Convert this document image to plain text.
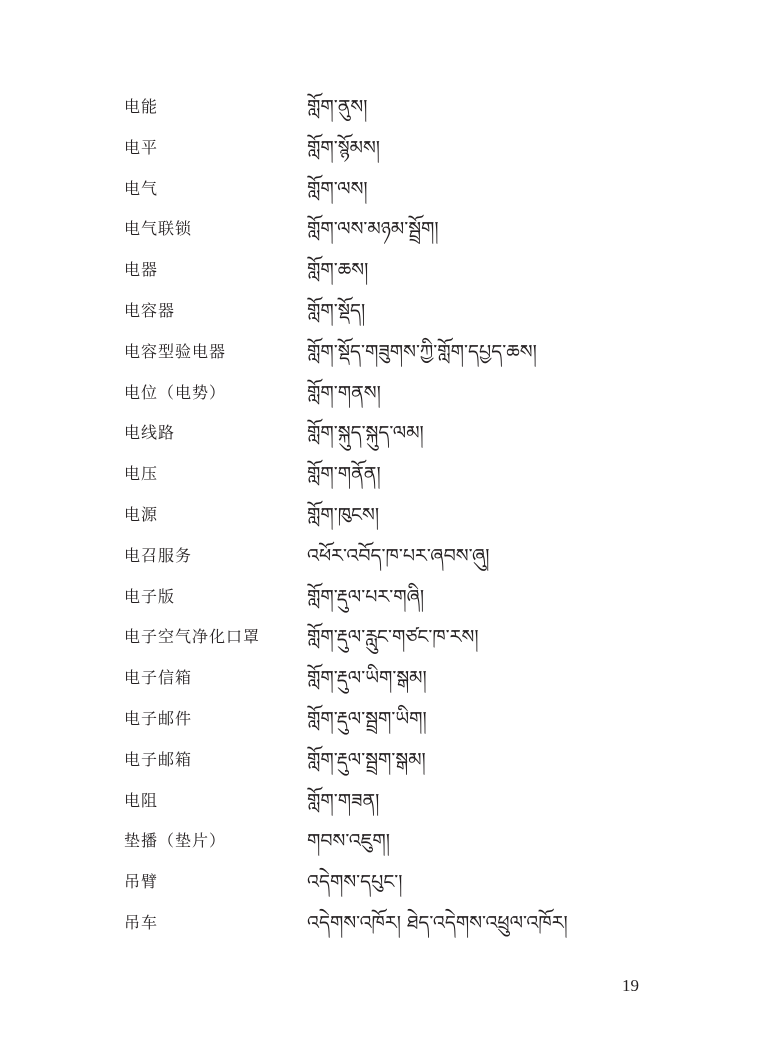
电能	གློག་ནུས།
电平	གློག་སྙོམས།
电气	གློག་ལས།
电气联锁	གློག་ལས་མཉམ་སྦྲོག།
电器	གློག་ཆས།
电容器	གློག་སྡོད།
电容型验电器	གློག་སྡོད་གཟུགས་ཀྱི་གློག་དཔྱད་ཆས།
电位（电势）	གློག་གནས།
电线路	གློག་སྐུད་སྐུད་ལམ།
电压	གློག་གནོན།
电源	གློག་ཁུངས།
电召服务	འཕོར་འབོད་ཁ་པར་ཞབས་ཞུ།
电子版	གློག་རྡུལ་པར་གཞི།
电子空气净化口罩 གློག་རྡུལ་རླུང་གཙང་ཁ་རས།
电子信箱	གློག་རྡུལ་ཡིག་སྒམ།
电子邮件	གློག་རྡུལ་སྦྲག་ཡིག།
电子邮箱	གློག་རྡུལ་སྦྲག་སྒམ།
电阻	གློག་གཟན།
垫播（垫片）	གབས་འཇུག།
吊臂	འདེགས་དཔུང་།
吊车	འདེགས་འཁོར། ཐེད་འདེགས་འཕྲུལ་འཁོར།
19
